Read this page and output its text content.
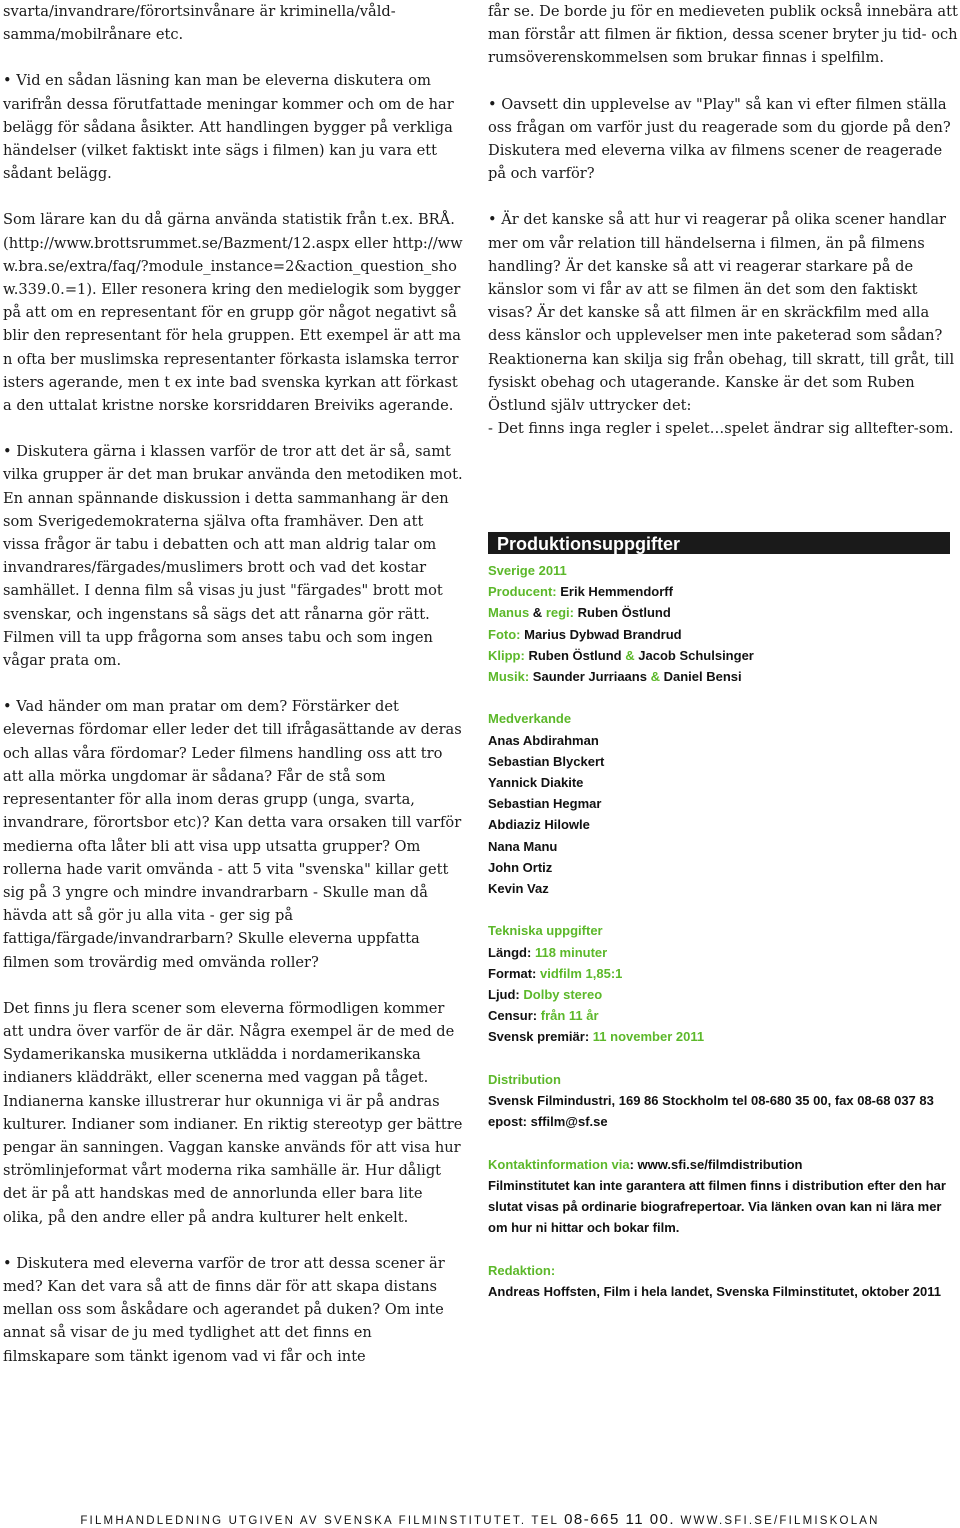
svarta/invandrare/förortsinvånare är kriminella/våld-samma/mobilrånare etc.

• Vid en sådan läsning kan man be eleverna diskutera om varifrån dessa förutfattade meningar kommer och om de har belägg för sådana åsikter. Att handlingen bygger på verkliga händelser (vilket faktiskt inte sägs i filmen) kan ju vara ett sådant belägg.

Som lärare kan du då gärna använda statistik från t.ex. BRÅ. (http://www.brottsrummet.se/Bazment/12.aspx eller http://www.bra.se/extra/faq/?module_instance=2&action_question_show.339.0.=1). Eller resonera kring den medielogik som bygger på att om en representant för en grupp gör något negativt så blir den representant för hela gruppen. Ett exempel är att man ofta ber muslimska representanter förkasta islamska terroristers agerande, men t ex inte bad svenska kyrkan att förkasta den uttalat kristne norske korsriddaren Breiviks agerande.

• Diskutera gärna i klassen varför de tror att det är så, samt vilka grupper är det man brukar använda den metodiken mot.

En annan spännande diskussion i detta sammanhang är den som Sverigedemokraterna själva ofta framhäver. Den att vissa frågor är tabu i debatten och att man aldrig talar om invandrares/färgades/muslimers brott och vad det kostar samhället. I denna film så visas ju just "färgades" brott mot svenskar, och ingenstans så sägs det att rånarna gör rätt. Filmen vill ta upp frågorna som anses tabu och som ingen vågar prata om.

• Vad händer om man pratar om dem? Förstärker det elevernas fördomar eller leder det till ifrågasättande av deras och allas våra fördomar? Leder filmens handling oss att tro att alla mörka ungdomar är sådana? Får de stå som representanter för alla inom deras grupp (unga, svarta, invandrare, förortsbor etc)? Kan detta vara orsaken till varför medierna ofta låter bli att visa upp utsatta grupper? Om rollerna hade varit omvända - att 5 vita "svenska" killar gett sig på 3 yngre och mindre invandrarbarn - Skulle man då hävda att så gör ju alla vita - ger sig på fattiga/färgade/invandrarbarn? Skulle eleverna uppfatta filmen som trovärdig med omvända roller?

Det finns ju flera scener som eleverna förmodligen kommer att undra över varför de är där. Några exempel är de med de Sydamerikanska musikerna utklädda i nordamerikanska indianers kläddräkt, eller scenerna med vaggan på tåget. Indianerna kanske illustrerar hur okunniga vi är på andras kulturer. Indianer som indianer. En riktig stereotyp ger bättre pengar än sanningen. Vaggan kanske används för att visa hur strömlinjeformat vårt moderna rika samhälle är. Hur dåligt det är på att handskas med de annorlunda eller bara lite olika, på den andre eller på andra kulturer helt enkelt.

• Diskutera med eleverna varför de tror att dessa scener är med? Kan det vara så att de finns där för att skapa distans mellan oss som åskådare och agerandet på duken? Om inte annat så visar de ju med tydlighet att det finns en filmskapare som tänkt igenom vad vi får och inte

får se. De borde ju för en medieveten publik också innebära att man förstår att filmen är fiktion, dessa scener bryter ju tid- och rumsöverenskommelsen som brukar finnas i spelfilm.

• Oavsett din upplevelse av "Play" så kan vi efter filmen ställa oss frågan om varför just du reagerade som du gjorde på den? Diskutera med eleverna vilka av filmens scener de reagerade på och varför?

• Är det kanske så att hur vi reagerar på olika scener handlar mer om vår relation till händelserna i filmen, än på filmens handling? Är det kanske så att vi reagerar starkare på de känslor som vi får av att se filmen än det som den faktiskt visas? Är det kanske så att filmen är en skräckfilm med alla dess känslor och upplevelser men inte paketerad som sådan? Reaktionerna kan skilja sig från obehag, till skratt, till gråt, till fysiskt obehag och utagerande. Kanske är det som Ruben Östlund själv uttrycker det:

- Det finns inga regler i spelet…spelet ändrar sig alltefter-som.

Produktionsuppgifter
Sverige 2011
Producent: Erik Hemmendorff
Manus & regi: Ruben Östlund
Foto: Marius Dybwad Brandrud
Klipp: Ruben Östlund & Jacob Schulsinger
Musik: Saunder Jurriaans & Daniel Bensi
Medverkande
Anas Abdirahman
Sebastian Blyckert
Yannick Diakite
Sebastian Hegmar
Abdiaziz Hilowle
Nana Manu
John Ortiz
Kevin Vaz
Tekniska uppgifter
Längd: 118 minuter
Format: vidfilm 1,85:1
Ljud: Dolby stereo
Censur: från 11 år
Svensk premiär: 11 november 2011
Distribution
Svensk Filmindustri, 169 86 Stockholm tel 08-680 35 00, fax 08-68 037 83 epost: sffilm@sf.se
Kontaktinformation via: www.sfi.se/filmdistribution
Filminstitutet kan inte garantera att filmen finns i distribution efter den har slutat visas på ordinarie biografrepertoar. Via länken ovan kan ni lära mer om hur ni hittar och bokar film.
Redaktion:
Andreas Hoffsten, Film i hela landet, Svenska Filminstitutet, oktober 2011
FILMHANDLEDNING UTGIVEN AV SVENSKA FILMINSTITUTET. TEL 08-665 11 00. WWW.SFI.SE/FILMISKOLAN
